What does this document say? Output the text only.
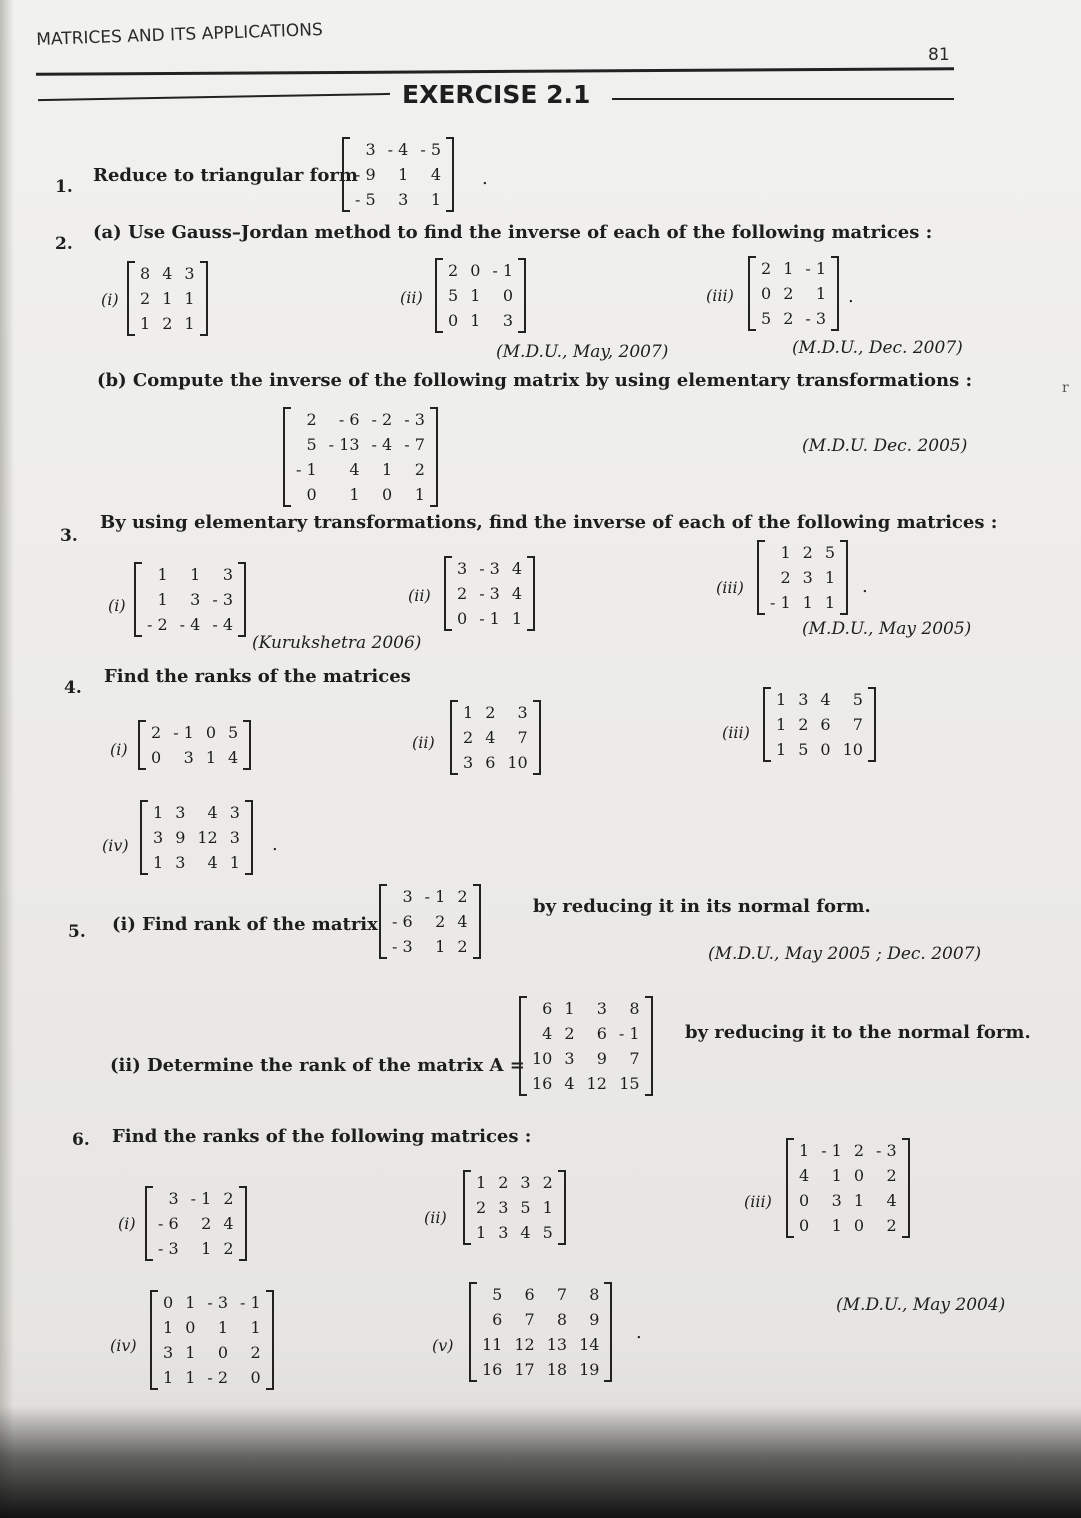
MATRICES AND ITS APPLICATIONS
81
EXERCISE 2.1
1.
Reduce to triangular form
3	- 4	- 5
- 9	1	4
- 5	3	1
.
2.
(a) Use Gauss–Jordan method to find the inverse of each of the following matrices :
(i)
8	4	3
2	1	1
1	2	1
(ii)
2	0	- 1
5	1	0
0	1	3
(iii)
2	1	- 1
0	2	1
5	2	- 3
.
(M.D.U., May, 2007)	(M.D.U., Dec. 2007)
(b) Compute the inverse of the following matrix by using elementary transformations :
2	- 6	- 2	- 3
5	- 13	- 4	- 7
- 1	4	1	2
0	1	0	1
(M.D.U. Dec. 2005)
r
3.
By using elementary transformations, find the inverse of each of the following matrices :
(i)
1	1	3
1	3	- 3
- 2	- 4	- 4
(Kurukshetra 2006)
(ii)
3	- 3	4
2	- 3	4
0	- 1	1
(iii)
1	2	5
2	3	1
- 1	1	1
.
(M.D.U., May 2005)
4.
Find the ranks of the matrices
(i)
2	- 1	0	5
0	3	1	4
(ii)
1	2	3
2	4	7
3	6	10
(iii)
1	3	4	5
1	2	6	7
1	5	0	10
(iv)
1	3	4	3
3	9	12	3
1	3	4	1
.
5. (i) Find rank of the matrix
3	- 1	2
- 6	2	4
- 3	1	2
by reducing it in its normal form.
(M.D.U., May 2005 ; Dec. 2007)
(ii) Determine the rank of the matrix A =
6	1	3	8
4	2	6	- 1
10	3	9	7
16	4	12	15
by reducing it to the normal form.
6. Find the ranks of the following matrices :
(i)
3	- 1	2
- 6	2	4
- 3	1	2
(ii)
1	2	3	2
2	3	5	1
1	3	4	5
(iii)
1	- 1	2	- 3
4	1	0	2
0	3	1	4
0	1	0	2
(iv)
0	1	- 3	- 1
1	0	1	1
3	1	0	2
1	1	- 2	0
(v)
5	6	7	8
6	7	8	9
11	12	13	14
16	17	18	19
.
(M.D.U., May 2004)
